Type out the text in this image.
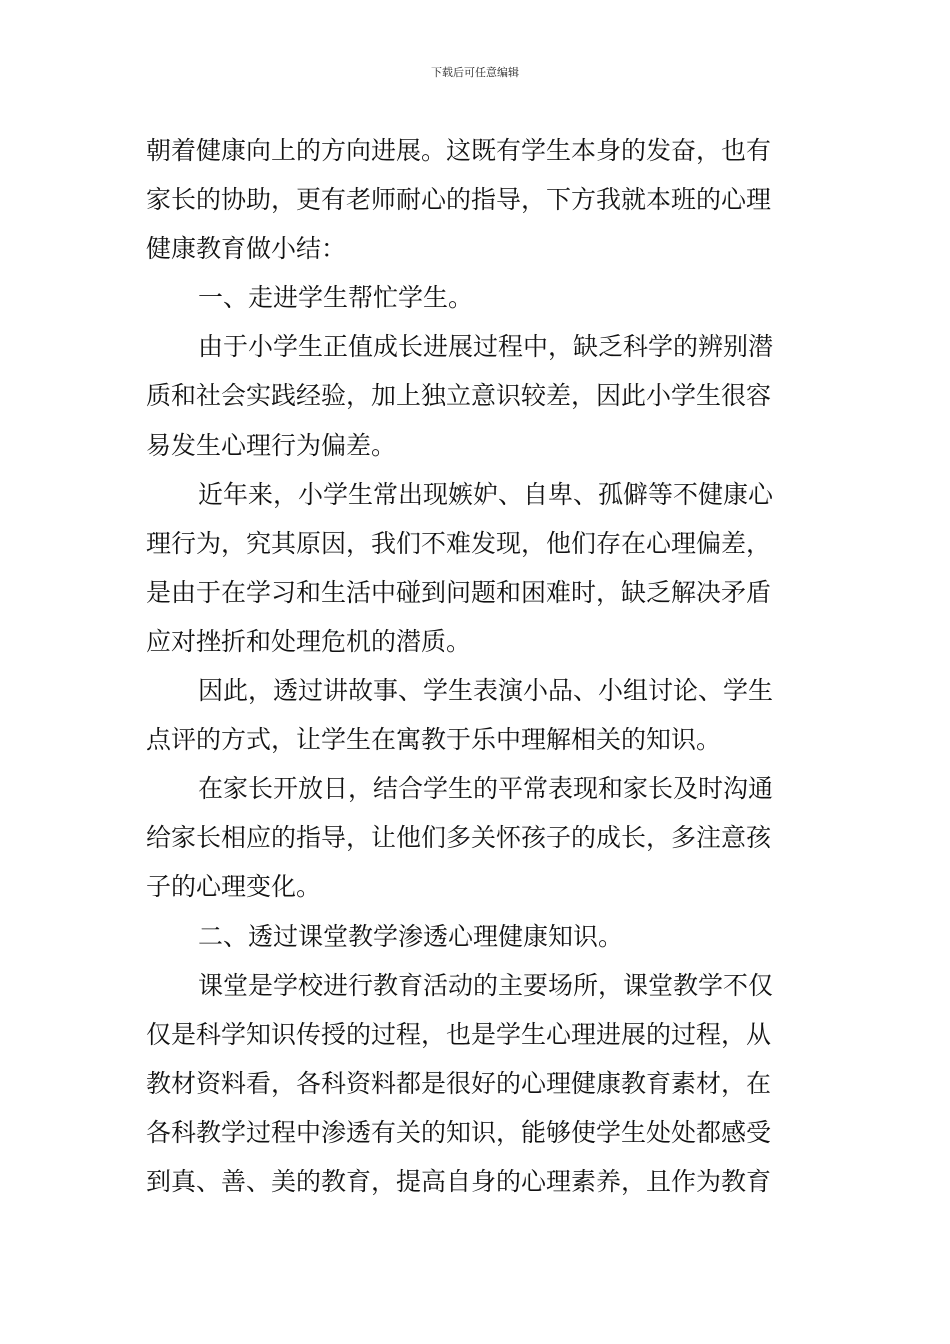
下载后可任意编辑
朝着健康向上的方向进展。这既有学生本身的发奋，也有
家长的协助，更有老师耐心的指导，下方我就本班的心理
健康教育做小结：
一、走进学生帮忙学生。
由于小学生正值成长进展过程中，缺乏科学的辨别潜
质和社会实践经验，加上独立意识较差，因此小学生很容
易发生心理行为偏差。
近年来，小学生常出现嫉妒、自卑、孤僻等不健康心
理行为，究其原因，我们不难发现，他们存在心理偏差，
是由于在学习和生活中碰到问题和困难时，缺乏解决矛盾
应对挫折和处理危机的潜质。
因此，透过讲故事、学生表演小品、小组讨论、学生
点评的方式，让学生在寓教于乐中理解相关的知识。
在家长开放日，结合学生的平常表现和家长及时沟通
给家长相应的指导，让他们多关怀孩子的成长，多注意孩
子的心理变化。
二、透过课堂教学渗透心理健康知识。
课堂是学校进行教育活动的主要场所，课堂教学不仅
仅是科学知识传授的过程，也是学生心理进展的过程，从
教材资料看，各科资料都是很好的心理健康教育素材，在
各科教学过程中渗透有关的知识，能够使学生处处都感受
到真、善、美的教育，提高自身的心理素养，且作为教育
